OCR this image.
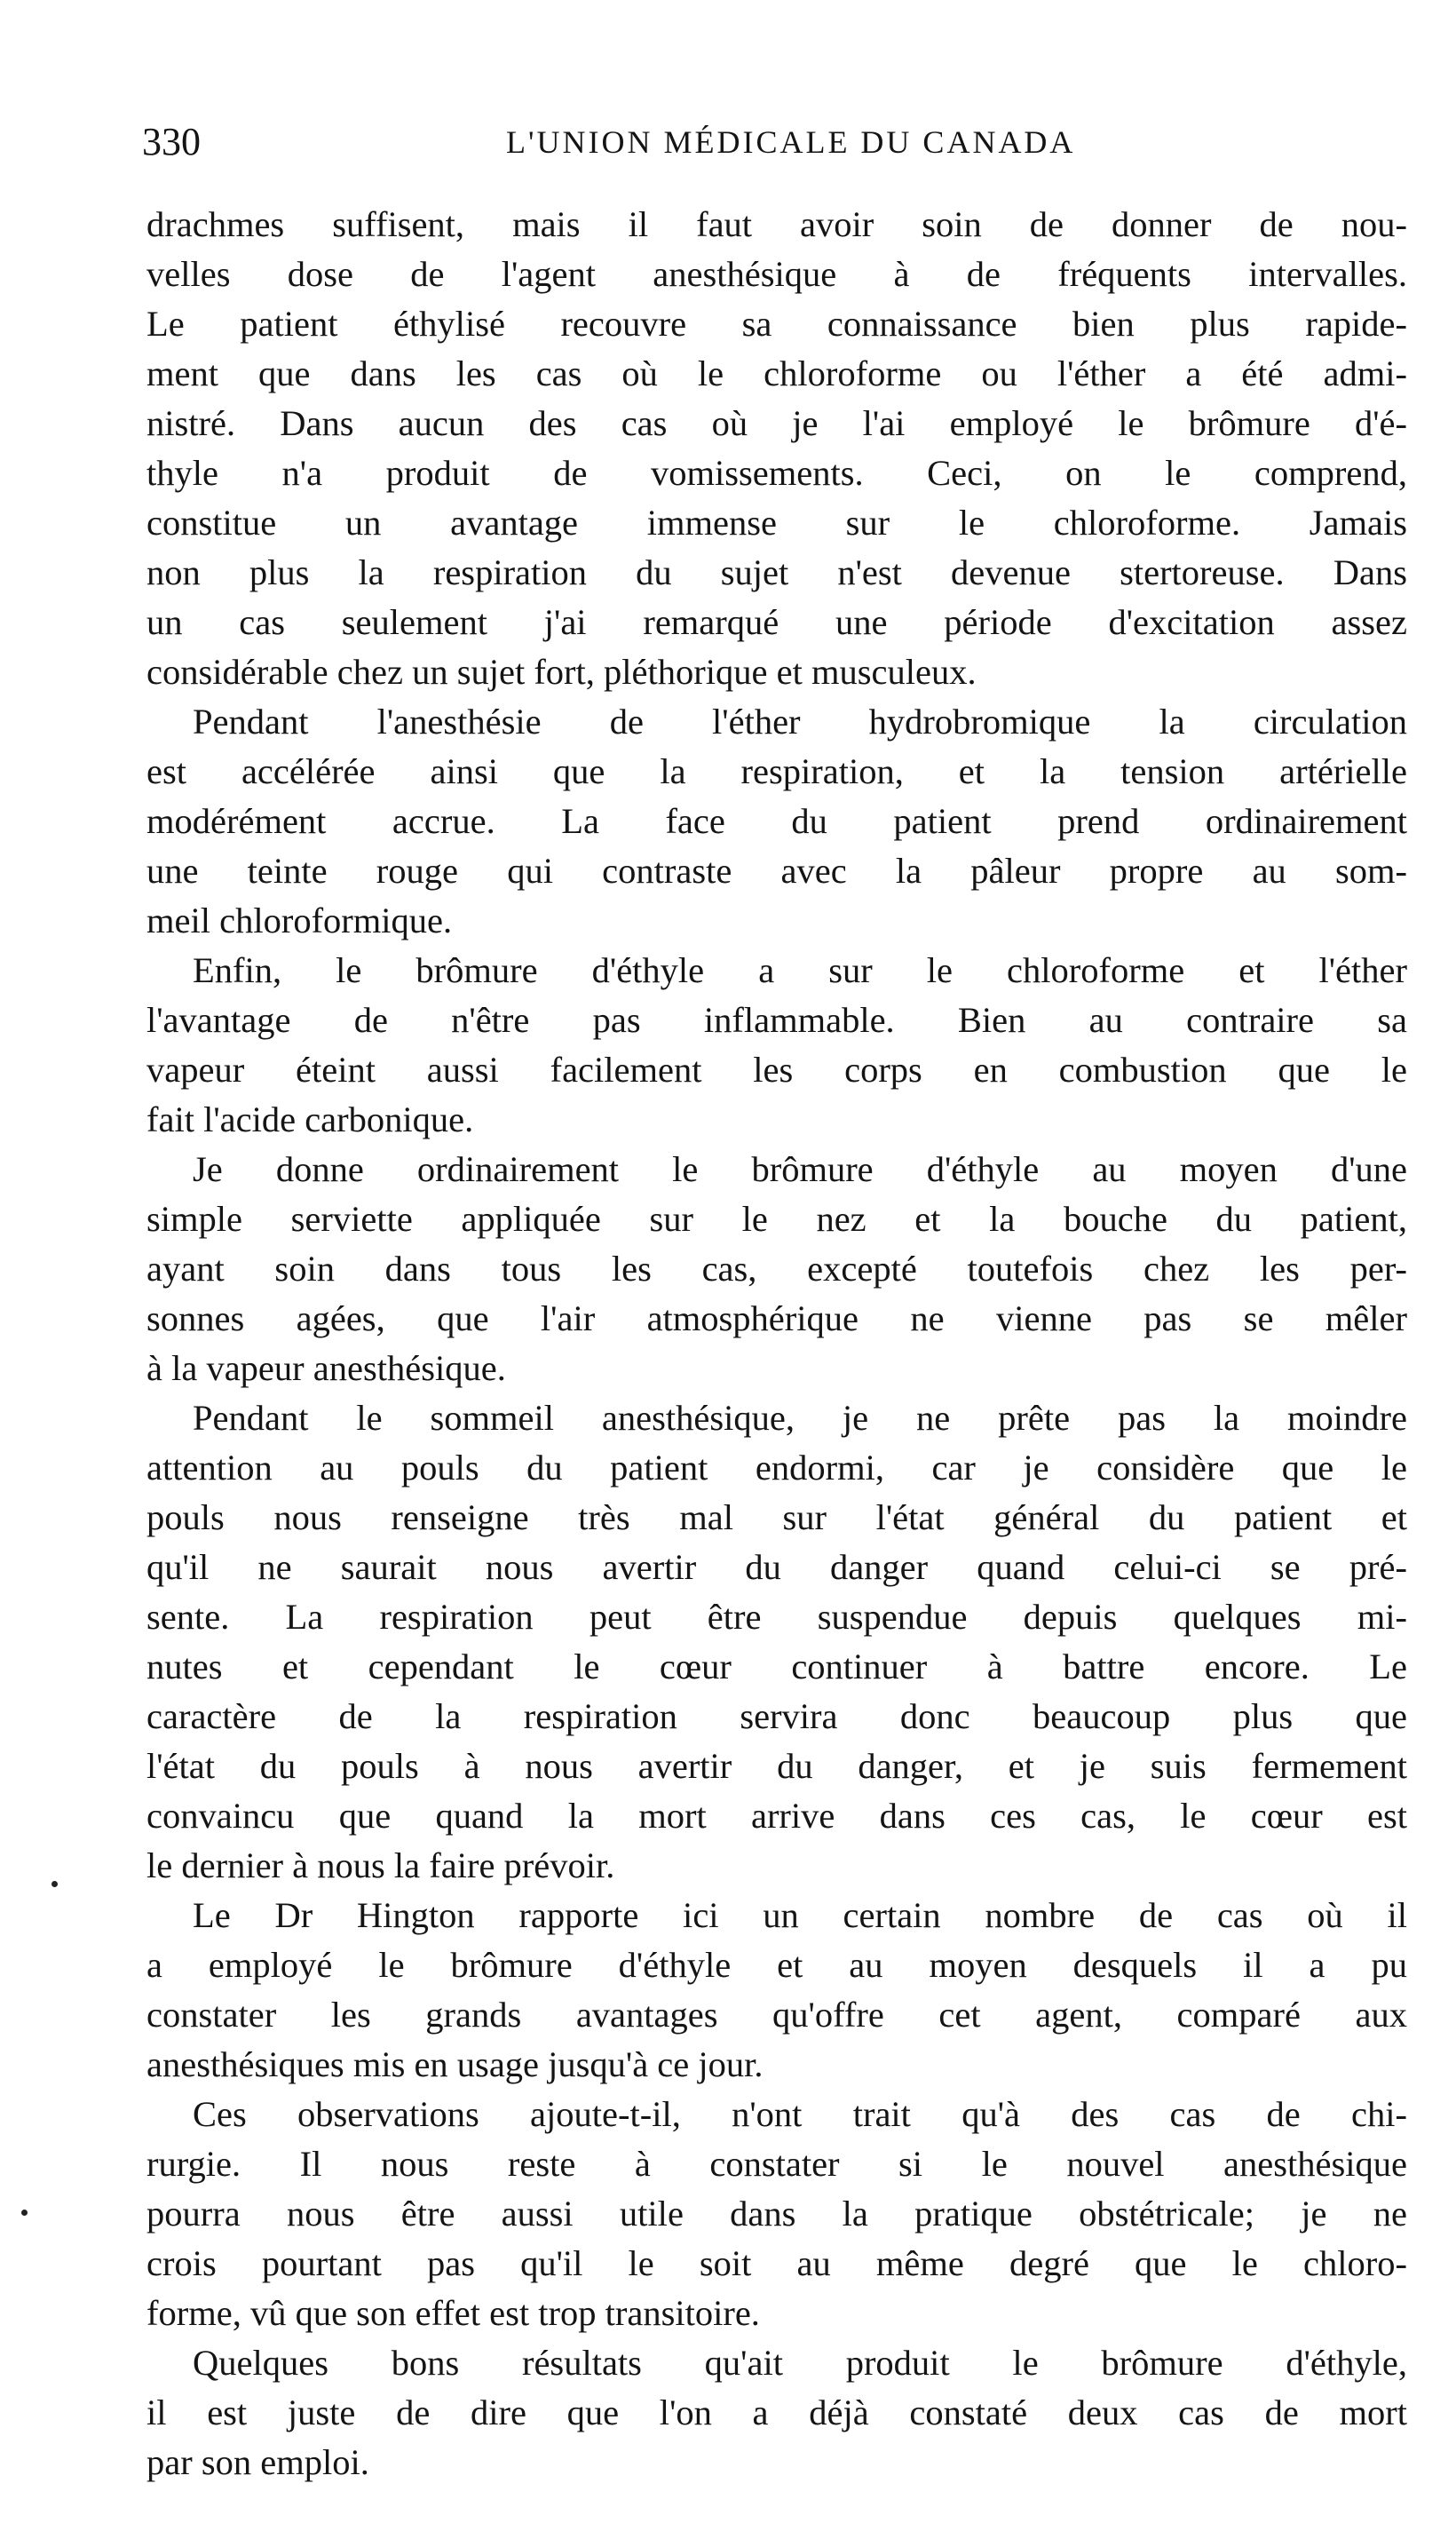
330	L'UNION MÉDICALE DU CANADA
drachmes suffisent, mais il faut avoir soin de donner de nou-
velles dose de l'agent anesthésique à de fréquents intervalles.
Le patient éthylisé recouvre sa connaissance bien plus rapide-
ment que dans les cas où le chloroforme ou l'éther a été admi-
nistré. Dans aucun des cas où je l'ai employé le brômure d'é-
thyle n'a produit de vomissements. Ceci, on le comprend,
constitue un avantage immense sur le chloroforme. Jamais
non plus la respiration du sujet n'est devenue stertoreuse. Dans
un cas seulement j'ai remarqué une période d'excitation assez
considérable chez un sujet fort, pléthorique et musculeux.
Pendant l'anesthésie de l'éther hydrobromique la circulation
est accélérée ainsi que la respiration, et la tension artérielle
modérément accrue. La face du patient prend ordinairement
une teinte rouge qui contraste avec la pâleur propre au som-
meil chloroformique.
Enfin, le brômure d'éthyle a sur le chloroforme et l'éther
l'avantage de n'être pas inflammable. Bien au contraire sa
vapeur éteint aussi facilement les corps en combustion que le
fait l'acide carbonique.
Je donne ordinairement le brômure d'éthyle au moyen d'une
simple serviette appliquée sur le nez et la bouche du patient,
ayant soin dans tous les cas, excepté toutefois chez les per-
sonnes agées, que l'air atmosphérique ne vienne pas se mêler
à la vapeur anesthésique.
Pendant le sommeil anesthésique, je ne prête pas la moindre
attention au pouls du patient endormi, car je considère que le
pouls nous renseigne très mal sur l'état général du patient et
qu'il ne saurait nous avertir du danger quand celui-ci se pré-
sente. La respiration peut être suspendue depuis quelques mi-
nutes et cependant le cœur continuer à battre encore. Le
caractère de la respiration servira donc beaucoup plus que
l'état du pouls à nous avertir du danger, et je suis fermement
convaincu que quand la mort arrive dans ces cas, le cœur est
le dernier à nous la faire prévoir.
Le Dr Hington rapporte ici un certain nombre de cas où il
a employé le brômure d'éthyle et au moyen desquels il a pu
constater les grands avantages qu'offre cet agent, comparé aux
anesthésiques mis en usage jusqu'à ce jour.
Ces observations ajoute-t-il, n'ont trait qu'à des cas de chi-
rurgie. Il nous reste à constater si le nouvel anesthésique
pourra nous être aussi utile dans la pratique obstétricale; je ne
crois pourtant pas qu'il le soit au même degré que le chloro-
forme, vû que son effet est trop transitoire.
Quelques bons résultats qu'ait produit le brômure d'éthyle,
il est juste de dire que l'on a déjà constaté deux cas de mort
par son emploi.
